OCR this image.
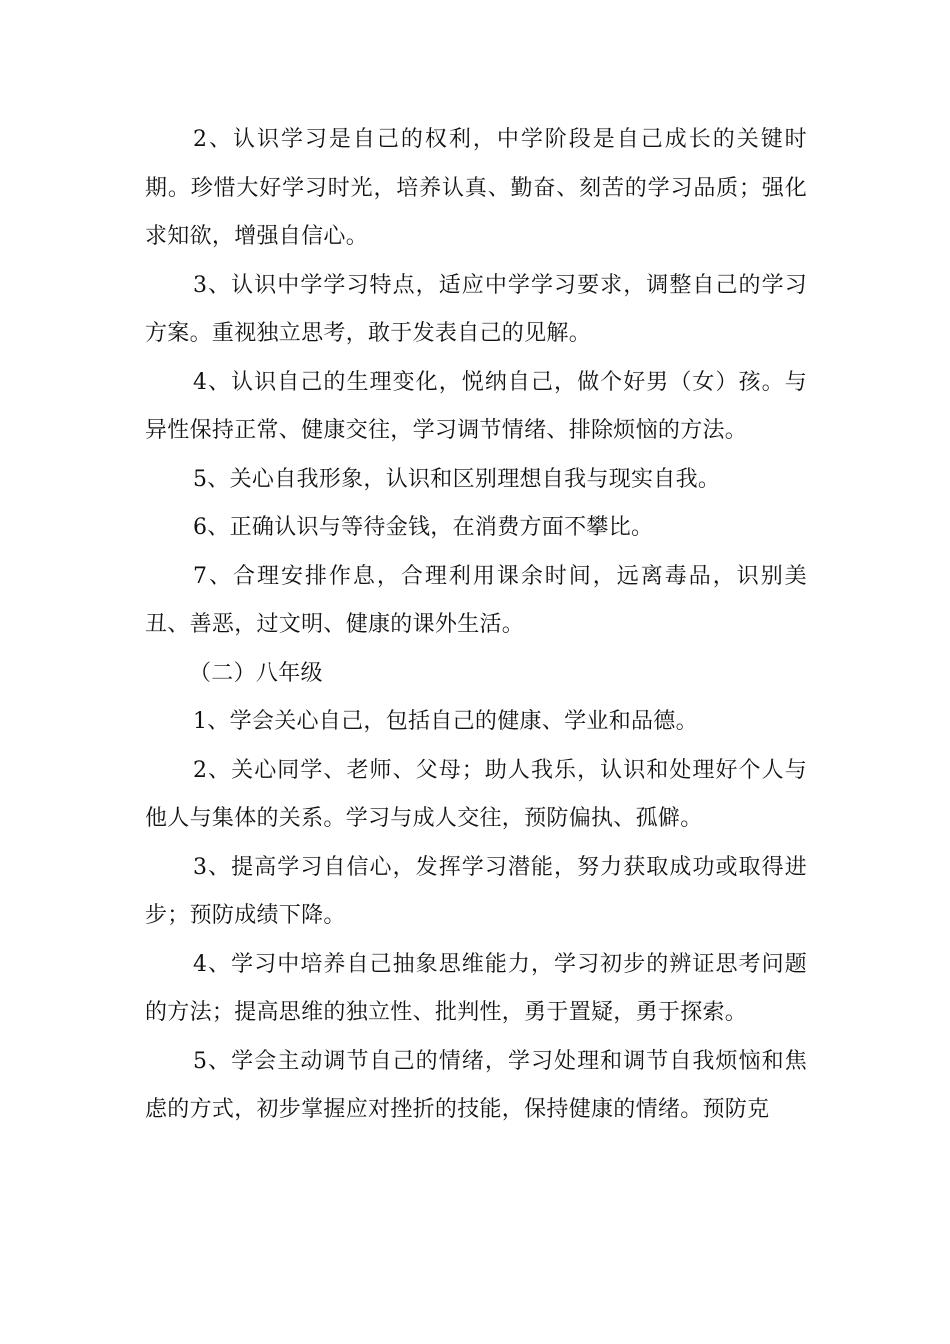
2、认识学习是自己的权利，中学阶段是自己成长的关键时期。珍惜大好学习时光，培养认真、勤奋、刻苦的学习品质；强化求知欲，增强自信心。

3、认识中学学习特点，适应中学学习要求，调整自己的学习方案。重视独立思考，敢于发表自己的见解。

4、认识自己的生理变化，悦纳自己，做个好男（女）孩。与异性保持正常、健康交往，学习调节情绪、排除烦恼的方法。

5、关心自我形象，认识和区别理想自我与现实自我。

6、正确认识与等待金钱，在消费方面不攀比。

7、合理安排作息，合理利用课余时间，远离毒品，识别美丑、善恶，过文明、健康的课外生活。

（二）八年级

1、学会关心自己，包括自己的健康、学业和品德。

2、关心同学、老师、父母；助人我乐，认识和处理好个人与他人与集体的关系。学习与成人交往，预防偏执、孤僻。

3、提高学习自信心，发挥学习潜能，努力获取成功或取得进步；预防成绩下降。

4、学习中培养自己抽象思维能力，学习初步的辨证思考问题的方法；提高思维的独立性、批判性，勇于置疑，勇于探索。

5、学会主动调节自己的情绪，学习处理和调节自我烦恼和焦虑的方式，初步掌握应对挫折的技能，保持健康的情绪。预防克
